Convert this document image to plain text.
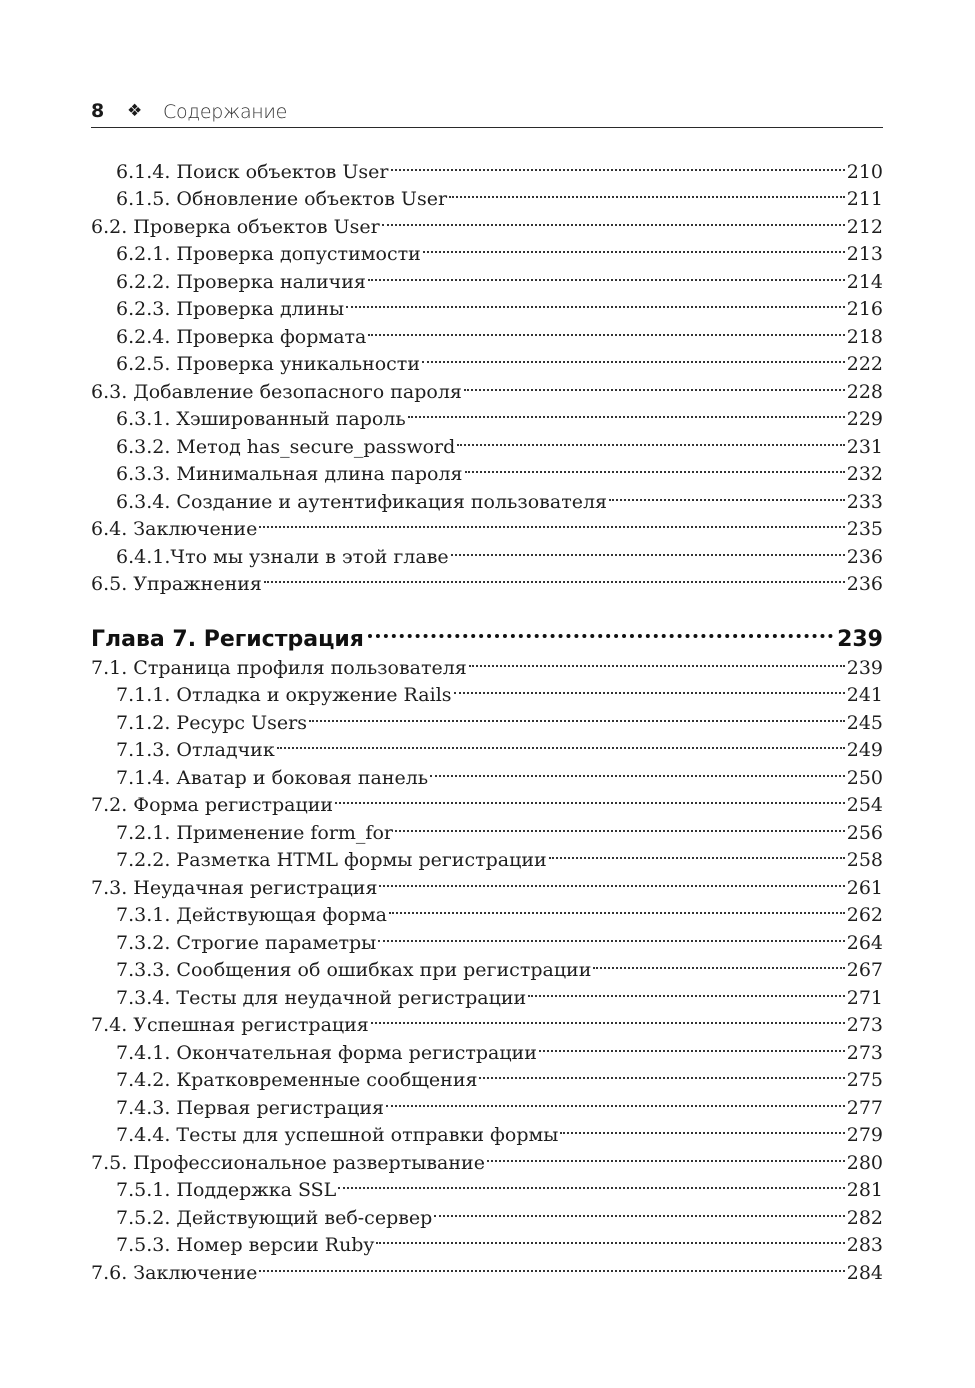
8 ❖ Содержание
6.1.4. Поиск объектов User	210
6.1.5. Обновление объектов User	211
6.2. Проверка объектов User	212
6.2.1. Проверка допустимости	213
6.2.2. Проверка наличия	214
6.2.3. Проверка длины	216
6.2.4. Проверка формата	218
6.2.5. Проверка уникальности	222
6.3. Добавление безопасного пароля	228
6.3.1. Хэшированный пароль	229
6.3.2. Метод has_secure_password	231
6.3.3. Минимальная длина пароля	232
6.3.4. Создание и аутентификация пользователя	233
6.4. Заключение	235
6.4.1.Что мы узнали в этой главе	236
6.5. Упражнения	236
Глава 7. Регистрация	239
7.1. Страница профиля пользователя	239
7.1.1. Отладка и окружение Rails	241
7.1.2. Ресурс Users	245
7.1.3. Отладчик	249
7.1.4. Аватар и боковая панель	250
7.2. Форма регистрации	254
7.2.1. Применение form_for	256
7.2.2. Разметка HTML формы регистрации	258
7.3. Неудачная регистрация	261
7.3.1. Действующая форма	262
7.3.2. Строгие параметры	264
7.3.3. Сообщения об ошибках при регистрации	267
7.3.4. Тесты для неудачной регистрации	271
7.4. Успешная регистрация	273
7.4.1. Окончательная форма регистрации	273
7.4.2. Кратковременные сообщения	275
7.4.3. Первая регистрация	277
7.4.4. Тесты для успешной отправки формы	279
7.5. Профессиональное развертывание	280
7.5.1. Поддержка SSL	281
7.5.2. Действующий веб-сервер	282
7.5.3. Номер версии Ruby	283
7.6. Заключение	284
